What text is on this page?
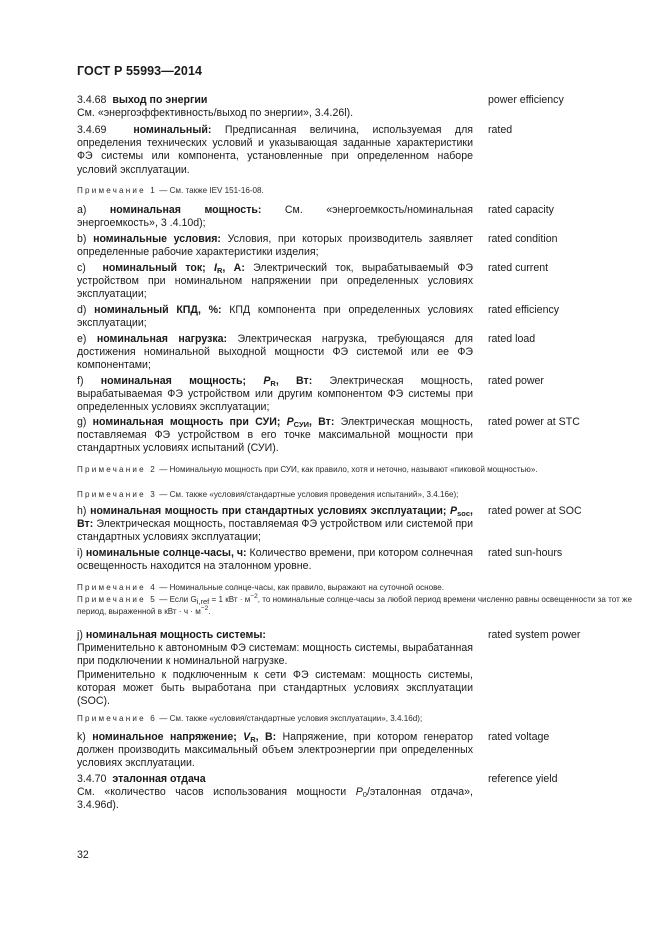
ГОСТ Р 55993—2014
3.4.68 выход по энергии
См. «энергоэффективность/выход по энергии», 3.4.26l).
power efficiency
3.4.69	номинальный: Предписанная величина, используемая для определения технических условий и указывающая заданные характеристики ФЭ системы или компонента, установленные при определенном наборе условий эксплуатации.
rated
Примечание 1 — См. также IEV 151-16-08.
a) номинальная мощность: См. «энергоемкость/номинальная энергоемкость», 3 .4.10d);
rated capacity
b) номинальные условия: Условия, при которых производитель заявляет определенные рабочие характеристики изделия;
rated condition
c) номинальный ток; $I_R$, А: Электрический ток, вырабатываемый ФЭ устройством при номинальном напряжении при определенных условиях эксплуатации;
rated current
d) номинальный КПД, %: КПД компонента при определенных условиях эксплуатации;
rated efficiency
e) номинальная нагрузка: Электрическая нагрузка, требующаяся для достижения номинальной выходной мощности ФЭ системой или ее ФЭ компонентами;
rated load
f) номинальная мощность; $P_R$, Вт: Электрическая мощность, вырабатываемая ФЭ устройством или другим компонентом ФЭ системы при определенных условиях эксплуатации;
rated power
g) номинальная мощность при СУИ; $P_{СУИ}$, Вт: Электрическая мощность, поставляемая ФЭ устройством в его точке максимальной мощности при стандартных условиях испытаний (СУИ).
rated power at STC
Примечание 2 — Номинальную мощность при СУИ, как правило, хотя и неточно, называют «пиковой мощностью».
Примечание 3 — См. также «условия/стандартные условия проведения испытаний», 3.4.16е);
h) номинальная мощность при стандартных условиях эксплуатации; $P_{soc}$, Вт: Электрическая мощность, поставляемая ФЭ устройством или системой при стандартных условиях эксплуатации;
rated power at SOC
i) номинальные солнце-часы, ч: Количество времени, при котором солнечная освещенность находится на эталонном уровне.
rated sun-hours
Примечание 4 — Номинальные солнце-часы, как правило, выражают на суточной основе.
Примечание 5 — Если $G_{i,ref} = 1$ кВт · $м^{-2}$, то номинальные солнце-часы за любой период времени численно равны освещенности за тот же период, выраженной в кВт · $ч \cdot м^{-2}$.
j) номинальная мощность системы:
Применительно к автономным ФЭ системам: мощность системы, вырабатанная при подключении к номинальной нагрузке.
Применительно к подключенным к сети ФЭ системам: мощность системы, которая может быть выработана при стандартных условиях эксплуатации (SOC).
rated system power
Примечание 6 — См. также «условия/стандартные условия эксплуатации», 3.4.16d);
k) номинальное напряжение; $V_R$, В: Напряжение, при котором генератор должен производить максимальный объем электроэнергии при определенных условиях эксплуатации.
rated voltage
3.4.70 эталонная отдача
См. «количество часов использования мощности $P_0$/эталонная отдача», 3.4.96d).
reference yield
32
